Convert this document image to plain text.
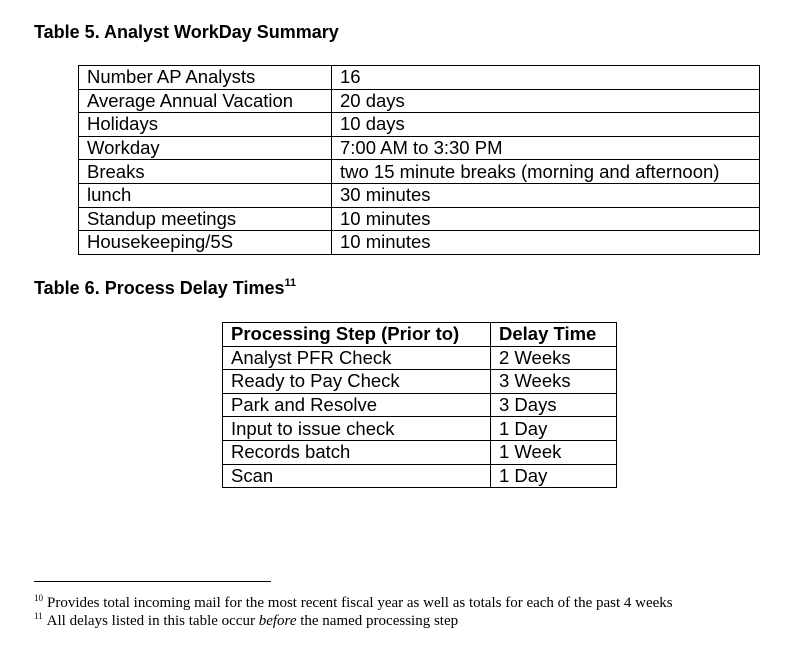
Table 5. Analyst WorkDay Summary
Number AP Analysts	16
Average Annual Vacation	20 days
Holidays	10 days
Workday	7:00 AM to 3:30 PM
Breaks	two 15 minute breaks (morning and afternoon)
lunch	30 minutes
Standup meetings	10 minutes
Housekeeping/5S	10 minutes
Table 6. Process Delay Times$^{11}$
Processing Step (Prior to)	Delay Time
Analyst PFR Check	2 Weeks
Ready to Pay Check	3 Weeks
Park and Resolve	3 Days
Input to issue check	1 Day
Records batch	1 Week
Scan	1 Day

$^{10}$ Provides total incoming mail for the most recent fiscal year as well as totals for each of the past 4 weeks

$^{11}$ All delays listed in this table occur before the named processing step
